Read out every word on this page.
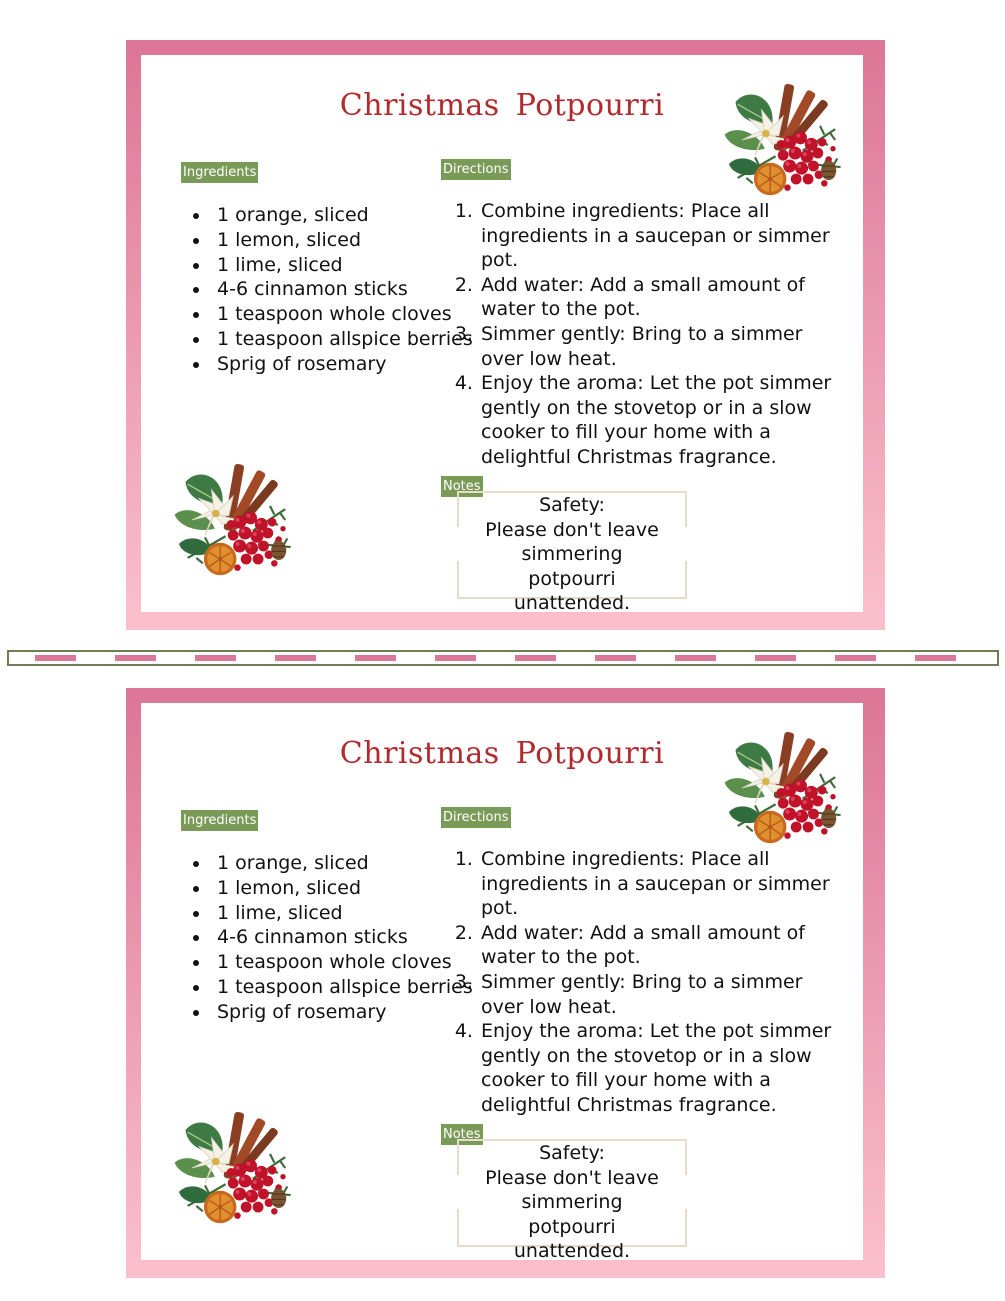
Christmas Potpourri
Ingredients	Directions
• 1 orange, sliced
• 1 lemon, sliced
• 1 lime, sliced
• 4-6 cinnamon sticks
• 1 teaspoon whole cloves
• 1 teaspoon allspice berries
• Sprig of rosemary
1. Combine ingredients: Place all ingredients in a saucepan or simmer pot.
2. Add water: Add a small amount of water to the pot.
3. Simmer gently: Bring to a simmer over low heat.
4. Enjoy the aroma: Let the pot simmer gently on the stovetop or in a slow cooker to fill your home with a delightful Christmas fragrance.
Notes
Safety:
Please don't leave simmering potpourri unattended.
Christmas Potpourri
Ingredients	Directions
• 1 orange, sliced
• 1 lemon, sliced
• 1 lime, sliced
• 4-6 cinnamon sticks
• 1 teaspoon whole cloves
• 1 teaspoon allspice berries
• Sprig of rosemary
1. Combine ingredients: Place all ingredients in a saucepan or simmer pot.
2. Add water: Add a small amount of water to the pot.
3. Simmer gently: Bring to a simmer over low heat.
4. Enjoy the aroma: Let the pot simmer gently on the stovetop or in a slow cooker to fill your home with a delightful Christmas fragrance.
Notes
Safety:
Please don't leave simmering potpourri unattended.
